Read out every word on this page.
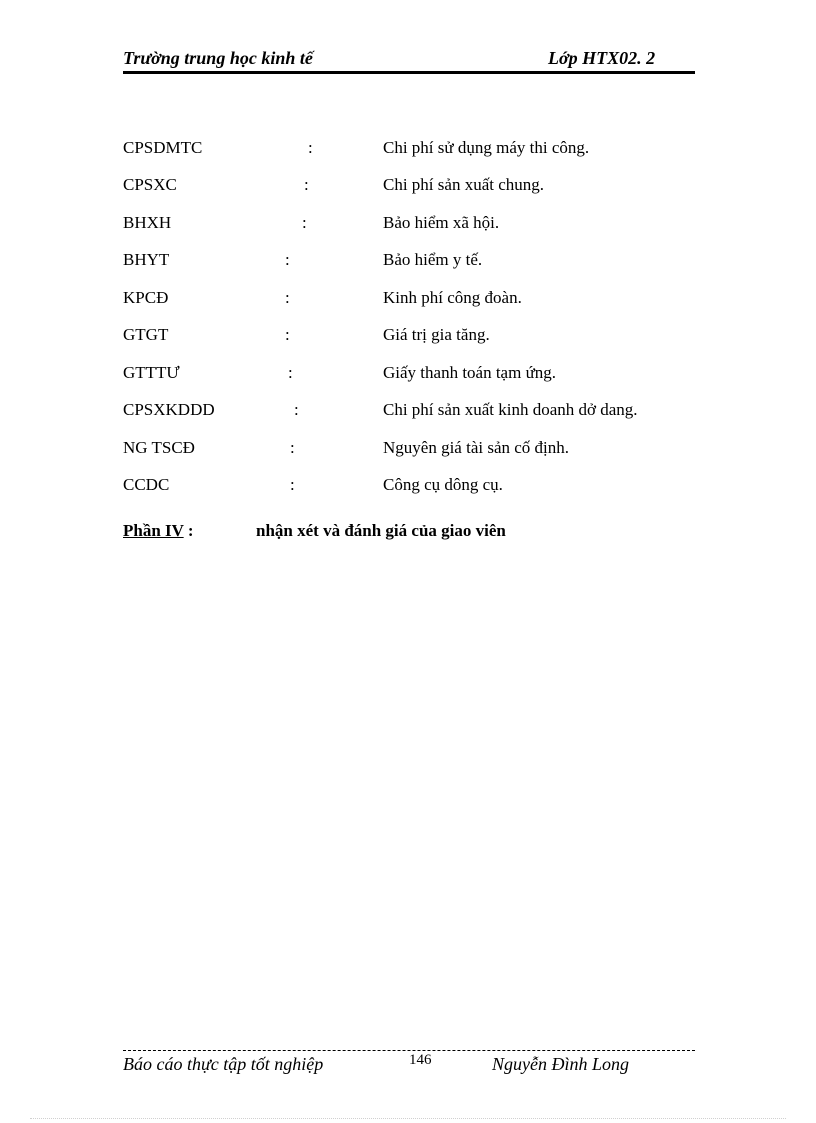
Trường trung học kinh tế	Lớp HTX02. 2
CPSDMTC	:	Chi phí sử dụng máy thi công.
CPSXC	:	Chi phí sản xuất chung.
BHXH	:	Bảo hiểm xã hội.
BHYT	:	Bảo hiểm y tế.
KPCĐ	:	Kinh phí công đoàn.
GTGT	:	Giá trị gia tăng.
GTTTƯ	:	Giấy thanh toán tạm ứng.
CPSXKDDD	:	Chi phí sản xuất kinh doanh dở dang.
NG TSCĐ	:	Nguyên giá tài sản cố định.
CCDC	:	Công cụ dông cụ.
Phần IV :	nhận xét và đánh giá của giao viên
Báo cáo thực tập tốt nghiệp	146	Nguyễn Đình Long
